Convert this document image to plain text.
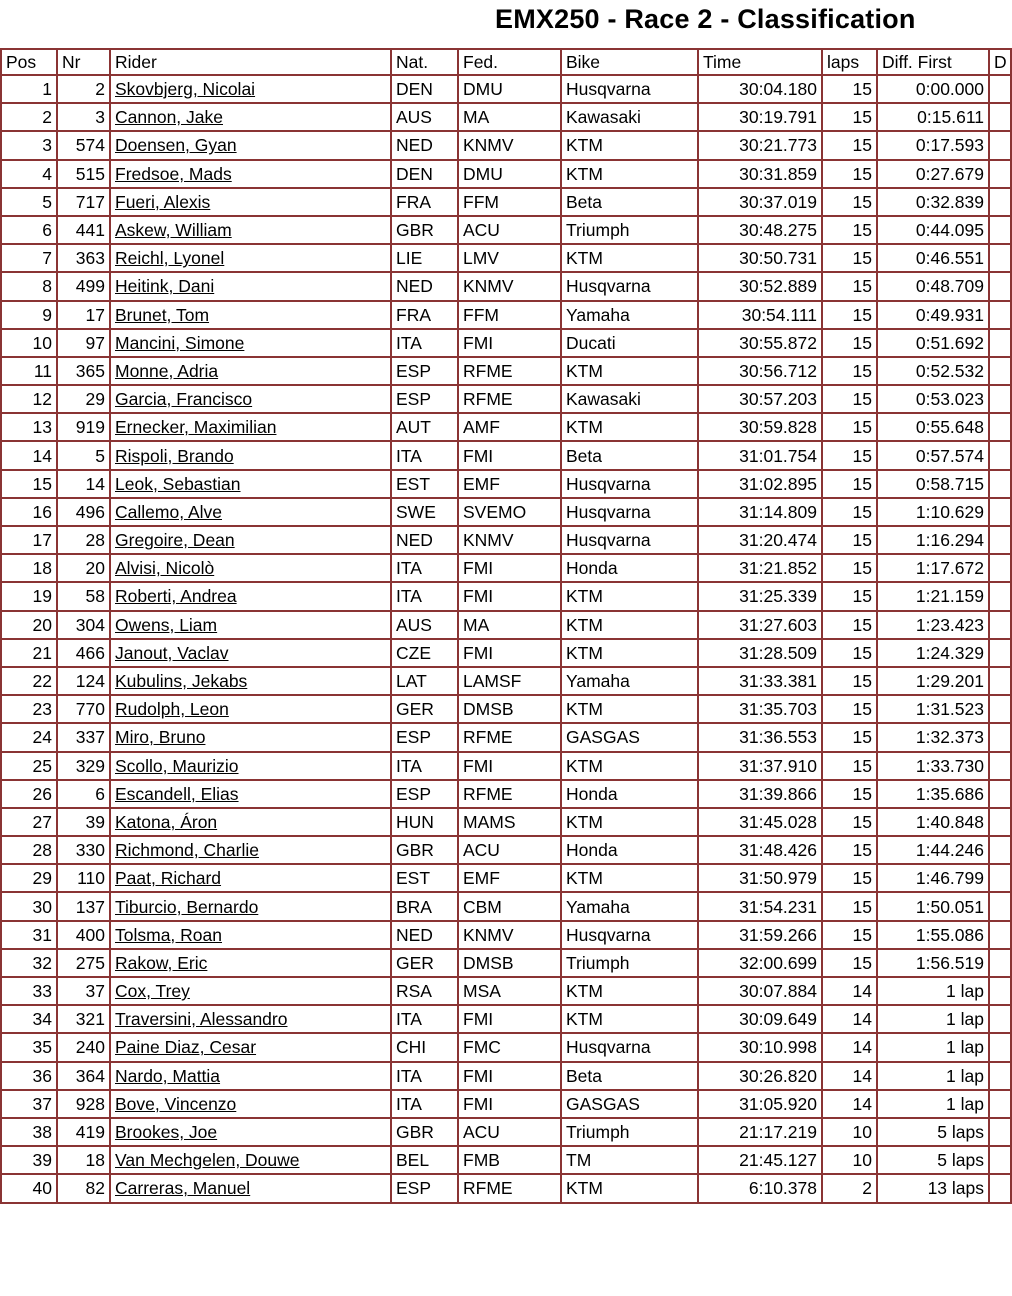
EMX250 - Race 2 - Classification
Pos	Nr	Rider	Nat.	Fed.	Bike	Time	laps	Diff. First	D
1	2	Skovbjerg, Nicolai	DEN	DMU	Husqvarna	30:04.180	15	0:00.000	
2	3	Cannon, Jake	AUS	MA	Kawasaki	30:19.791	15	0:15.611	
3	574	Doensen, Gyan	NED	KNMV	KTM	30:21.773	15	0:17.593	
4	515	Fredsoe, Mads	DEN	DMU	KTM	30:31.859	15	0:27.679	
5	717	Fueri, Alexis	FRA	FFM	Beta	30:37.019	15	0:32.839	
6	441	Askew, William	GBR	ACU	Triumph	30:48.275	15	0:44.095	
7	363	Reichl, Lyonel	LIE	LMV	KTM	30:50.731	15	0:46.551	
8	499	Heitink, Dani	NED	KNMV	Husqvarna	30:52.889	15	0:48.709	
9	17	Brunet, Tom	FRA	FFM	Yamaha	30:54.111	15	0:49.931	
10	97	Mancini, Simone	ITA	FMI	Ducati	30:55.872	15	0:51.692	
11	365	Monne, Adria	ESP	RFME	KTM	30:56.712	15	0:52.532	
12	29	Garcia, Francisco	ESP	RFME	Kawasaki	30:57.203	15	0:53.023	
13	919	Ernecker, Maximilian	AUT	AMF	KTM	30:59.828	15	0:55.648	
14	5	Rispoli, Brando	ITA	FMI	Beta	31:01.754	15	0:57.574	
15	14	Leok, Sebastian	EST	EMF	Husqvarna	31:02.895	15	0:58.715	
16	496	Callemo, Alve	SWE	SVEMO	Husqvarna	31:14.809	15	1:10.629	
17	28	Gregoire, Dean	NED	KNMV	Husqvarna	31:20.474	15	1:16.294	
18	20	Alvisi, Nicolò	ITA	FMI	Honda	31:21.852	15	1:17.672	
19	58	Roberti, Andrea	ITA	FMI	KTM	31:25.339	15	1:21.159	
20	304	Owens, Liam	AUS	MA	KTM	31:27.603	15	1:23.423	
21	466	Janout, Vaclav	CZE	FMI	KTM	31:28.509	15	1:24.329	
22	124	Kubulins, Jekabs	LAT	LAMSF	Yamaha	31:33.381	15	1:29.201	
23	770	Rudolph, Leon	GER	DMSB	KTM	31:35.703	15	1:31.523	
24	337	Miro, Bruno	ESP	RFME	GASGAS	31:36.553	15	1:32.373	
25	329	Scollo, Maurizio	ITA	FMI	KTM	31:37.910	15	1:33.730	
26	6	Escandell, Elias	ESP	RFME	Honda	31:39.866	15	1:35.686	
27	39	Katona, Áron	HUN	MAMS	KTM	31:45.028	15	1:40.848	
28	330	Richmond, Charlie	GBR	ACU	Honda	31:48.426	15	1:44.246	
29	110	Paat, Richard	EST	EMF	KTM	31:50.979	15	1:46.799	
30	137	Tiburcio, Bernardo	BRA	CBM	Yamaha	31:54.231	15	1:50.051	
31	400	Tolsma, Roan	NED	KNMV	Husqvarna	31:59.266	15	1:55.086	
32	275	Rakow, Eric	GER	DMSB	Triumph	32:00.699	15	1:56.519	
33	37	Cox, Trey	RSA	MSA	KTM	30:07.884	14	1 lap	
34	321	Traversini, Alessandro	ITA	FMI	KTM	30:09.649	14	1 lap	
35	240	Paine Diaz, Cesar	CHI	FMC	Husqvarna	30:10.998	14	1 lap	
36	364	Nardo, Mattia	ITA	FMI	Beta	30:26.820	14	1 lap	
37	928	Bove, Vincenzo	ITA	FMI	GASGAS	31:05.920	14	1 lap	
38	419	Brookes, Joe	GBR	ACU	Triumph	21:17.219	10	5 laps	
39	18	Van Mechgelen, Douwe	BEL	FMB	TM	21:45.127	10	5 laps	
40	82	Carreras, Manuel	ESP	RFME	KTM	6:10.378	2	13 laps	
